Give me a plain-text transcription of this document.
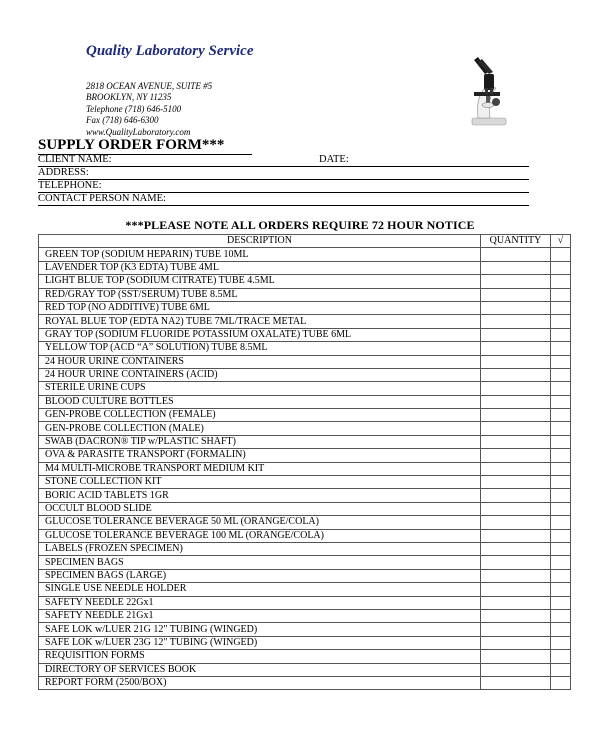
Quality Laboratory Service
2818 OCEAN AVENUE, SUITE #5
BROOKLYN, NY 11235
Telephone (718) 646-5100
Fax (718) 646-6300
www.QualityLaboratory.com
SUPPLY ORDER FORM***
CLIENT NAME:	DATE:
ADDRESS:
TELEPHONE:
CONTACT PERSON NAME:
***PLEASE NOTE ALL ORDERS REQUIRE 72 HOUR NOTICE
DESCRIPTION	QUANTITY	√
GREEN TOP (SODIUM HEPARIN) TUBE 10ML		
LAVENDER TOP (K3 EDTA) TUBE 4ML		
LIGHT BLUE TOP (SODIUM CITRATE) TUBE 4.5ML		
RED/GRAY TOP (SST/SERUM) TUBE 8.5ML		
RED TOP (NO ADDITIVE) TUBE 6ML		
ROYAL BLUE TOP (EDTA NA2) TUBE 7ML/TRACE METAL		
GRAY TOP (SODIUM FLUORIDE POTASSIUM OXALATE) TUBE 6ML		
YELLOW TOP (ACD “A” SOLUTION) TUBE 8.5ML		
24 HOUR URINE CONTAINERS		
24 HOUR URINE CONTAINERS (ACID)		
STERILE URINE CUPS		
BLOOD CULTURE BOTTLES		
GEN-PROBE COLLECTION (FEMALE)		
GEN-PROBE COLLECTION (MALE)		
SWAB (DACRON® TIP w/PLASTIC SHAFT)		
OVA & PARASITE TRANSPORT (FORMALIN)		
M4 MULTI-MICROBE TRANSPORT MEDIUM KIT		
STONE COLLECTION KIT		
BORIC ACID TABLETS 1GR		
OCCULT BLOOD SLIDE		
GLUCOSE TOLERANCE BEVERAGE 50 ML (ORANGE/COLA)		
GLUCOSE TOLERANCE BEVERAGE 100 ML (ORANGE/COLA)		
LABELS (FROZEN SPECIMEN)		
SPECIMEN BAGS		
SPECIMEN BAGS (LARGE)		
SINGLE USE NEEDLE HOLDER		
SAFETY NEEDLE 22Gx1		
SAFETY NEEDLE 21Gx1		
SAFE LOK w/LUER 21G 12" TUBING (WINGED)		
SAFE LOK w/LUER 23G 12" TUBING (WINGED)		
REQUISITION FORMS		
DIRECTORY OF SERVICES BOOK		
REPORT FORM (2500/BOX)		
